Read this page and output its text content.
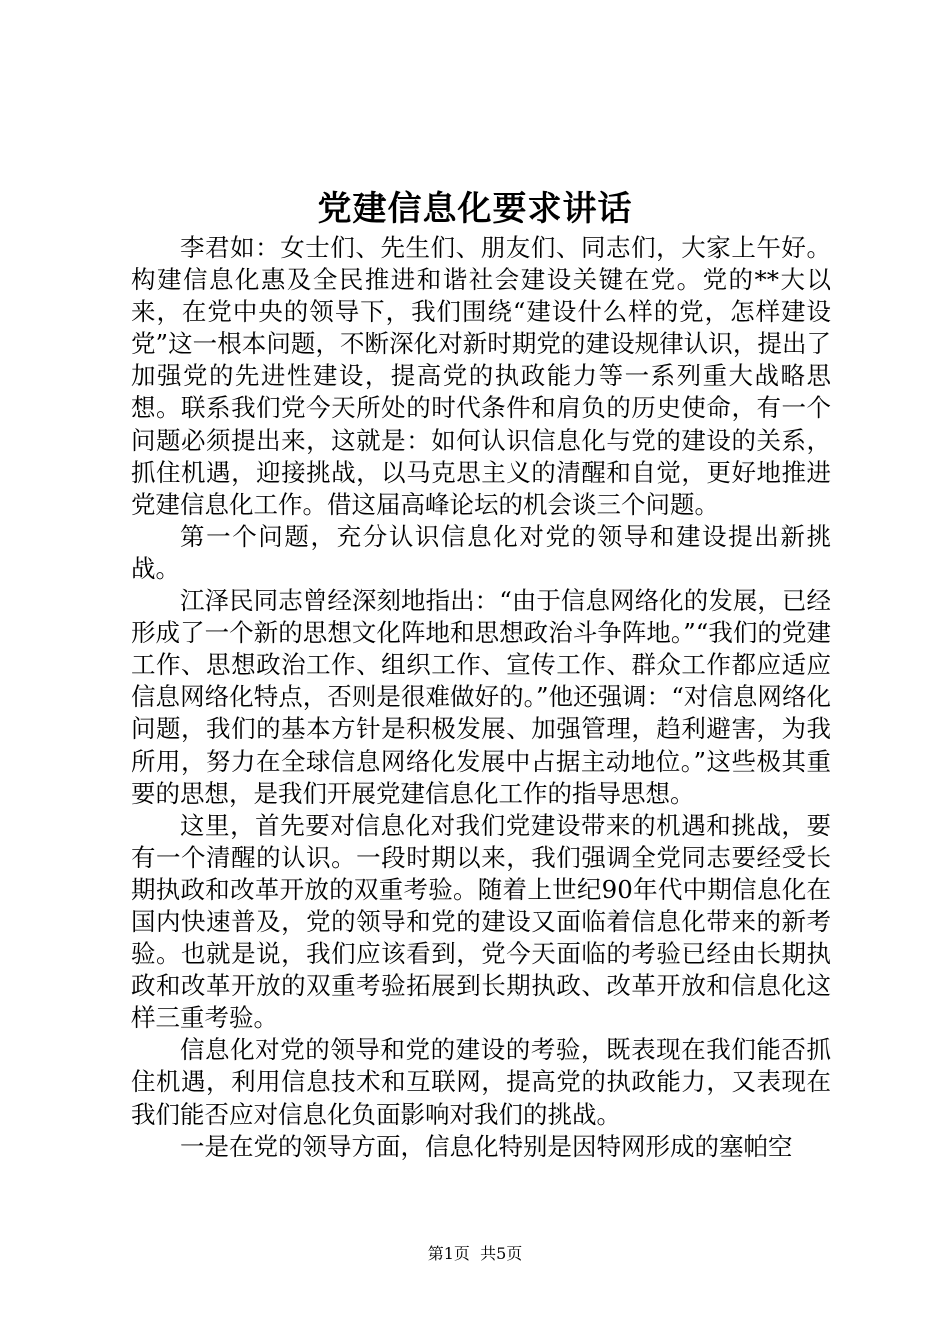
党建信息化要求讲话

李君如：女士们、先生们、朋友们、同志们，大家上午好。构建信息化惠及全民推进和谐社会建设关键在党。党的**大以来，在党中央的领导下，我们围绕“建设什么样的党，怎样建设党”这一根本问题，不断深化对新时期党的建设规律认识，提出了加强党的先进性建设，提高党的执政能力等一系列重大战略思想。联系我们党今天所处的时代条件和肩负的历史使命，有一个问题必须提出来，这就是：如何认识信息化与党的建设的关系，抓住机遇，迎接挑战，以马克思主义的清醒和自觉，更好地推进党建信息化工作。借这届高峰论坛的机会谈三个问题。

第一个问题，充分认识信息化对党的领导和建设提出新挑战。

江泽民同志曾经深刻地指出：“由于信息网络化的发展，已经形成了一个新的思想文化阵地和思想政治斗争阵地。”“我们的党建工作、思想政治工作、组织工作、宣传工作、群众工作都应适应信息网络化特点，否则是很难做好的。”他还强调：“对信息网络化问题，我们的基本方针是积极发展、加强管理，趋利避害，为我所用，努力在全球信息网络化发展中占据主动地位。”这些极其重要的思想，是我们开展党建信息化工作的指导思想。

这里，首先要对信息化对我们党建设带来的机遇和挑战，要有一个清醒的认识。一段时期以来，我们强调全党同志要经受长期执政和改革开放的双重考验。随着上世纪90年代中期信息化在国内快速普及，党的领导和党的建设又面临着信息化带来的新考验。也就是说，我们应该看到，党今天面临的考验已经由长期执政和改革开放的双重考验拓展到长期执政、改革开放和信息化这样三重考验。

信息化对党的领导和党的建设的考验，既表现在我们能否抓住机遇，利用信息技术和互联网，提高党的执政能力，又表现在我们能否应对信息化负面影响对我们的挑战。

一是在党的领导方面，信息化特别是因特网形成的塞帕空

第1页 共5页
